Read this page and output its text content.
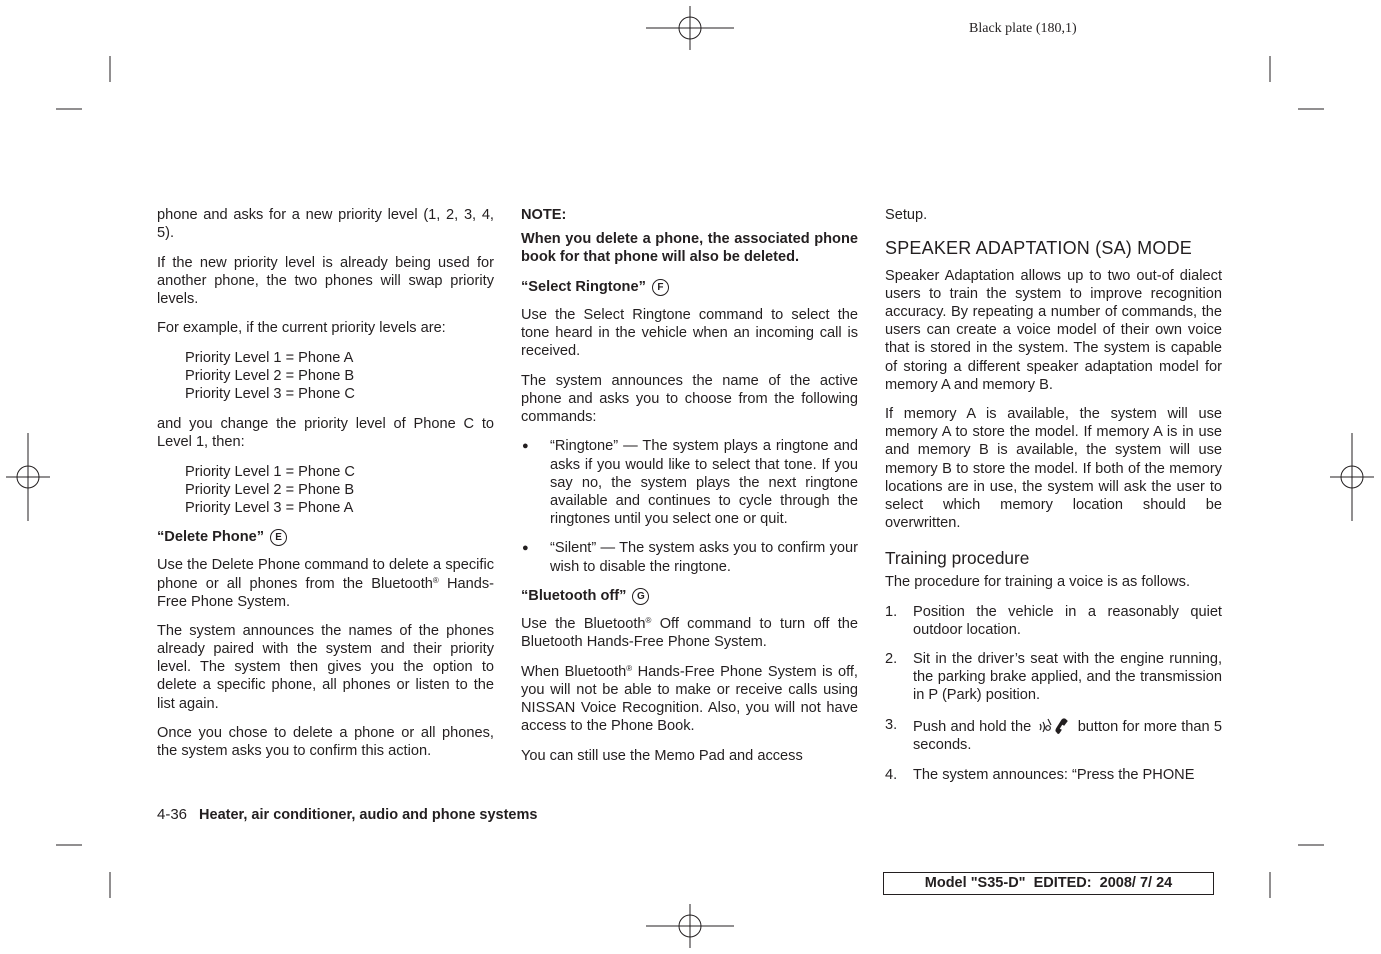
Black plate (180,1)

phone and asks for a new priority level (1, 2, 3, 4, 5).

If the new priority level is already being used for another phone, the two phones will swap priority levels.

For example, if the current priority levels are:

Priority Level 1 = Phone A
Priority Level 2 = Phone B
Priority Level 3 = Phone C

and you change the priority level of Phone C to Level 1, then:

Priority Level 1 = Phone C
Priority Level 2 = Phone B
Priority Level 3 = Phone A

“Delete Phone” E

Use the Delete Phone command to delete a specific phone or all phones from the Bluetooth® Hands-Free Phone System.

The system announces the names of the phones already paired with the system and their priority level. The system then gives you the option to delete a specific phone, all phones or listen to the list again.

Once you chose to delete a phone or all phones, the system asks you to confirm this action.

NOTE:

When you delete a phone, the associated phone book for that phone will also be deleted.

“Select Ringtone” F

Use the Select Ringtone command to select the tone heard in the vehicle when an incoming call is received.

The system announces the name of the active phone and asks you to choose from the following commands:

●	“Ringtone” — The system plays a ringtone and asks if you would like to select that tone. If you say no, the system plays the next ringtone available and continues to cycle through the ringtones until you select one or quit.
●	“Silent” — The system asks you to confirm your wish to disable the ringtone.

“Bluetooth off” G

Use the Bluetooth® Off command to turn off the Bluetooth Hands-Free Phone System.

When Bluetooth® Hands-Free Phone System is off, you will not be able to make or receive calls using NISSAN Voice Recognition. Also, you will not have access to the Phone Book.

You can still use the Memo Pad and access

Setup.

SPEAKER ADAPTATION (SA) MODE

Speaker Adaptation allows up to two out-of dialect users to train the system to improve recognition accuracy. By repeating a number of commands, the users can create a voice model of their own voice that is stored in the system. The system is capable of storing a different speaker adaptation model for memory A and memory B.

If memory A is available, the system will use memory A to store the model. If memory A is in use and memory B is available, the system will use memory B to store the model. If both of the memory locations are in use, the system will ask the user to select which memory location should be overwritten.

Training procedure

The procedure for training a voice is as follows.

1.	Position the vehicle in a reasonably quiet outdoor location.
2.	Sit in the driver’s seat with the engine running, the parking brake applied, and the transmission in P (Park) position.
3.	Push and hold the	button for more than 5 seconds.
4.	The system announces: “Press the PHONE
4-36 Heater, air conditioner, audio and phone systems
Model "S35-D"  EDITED:  2008/ 7/ 24
